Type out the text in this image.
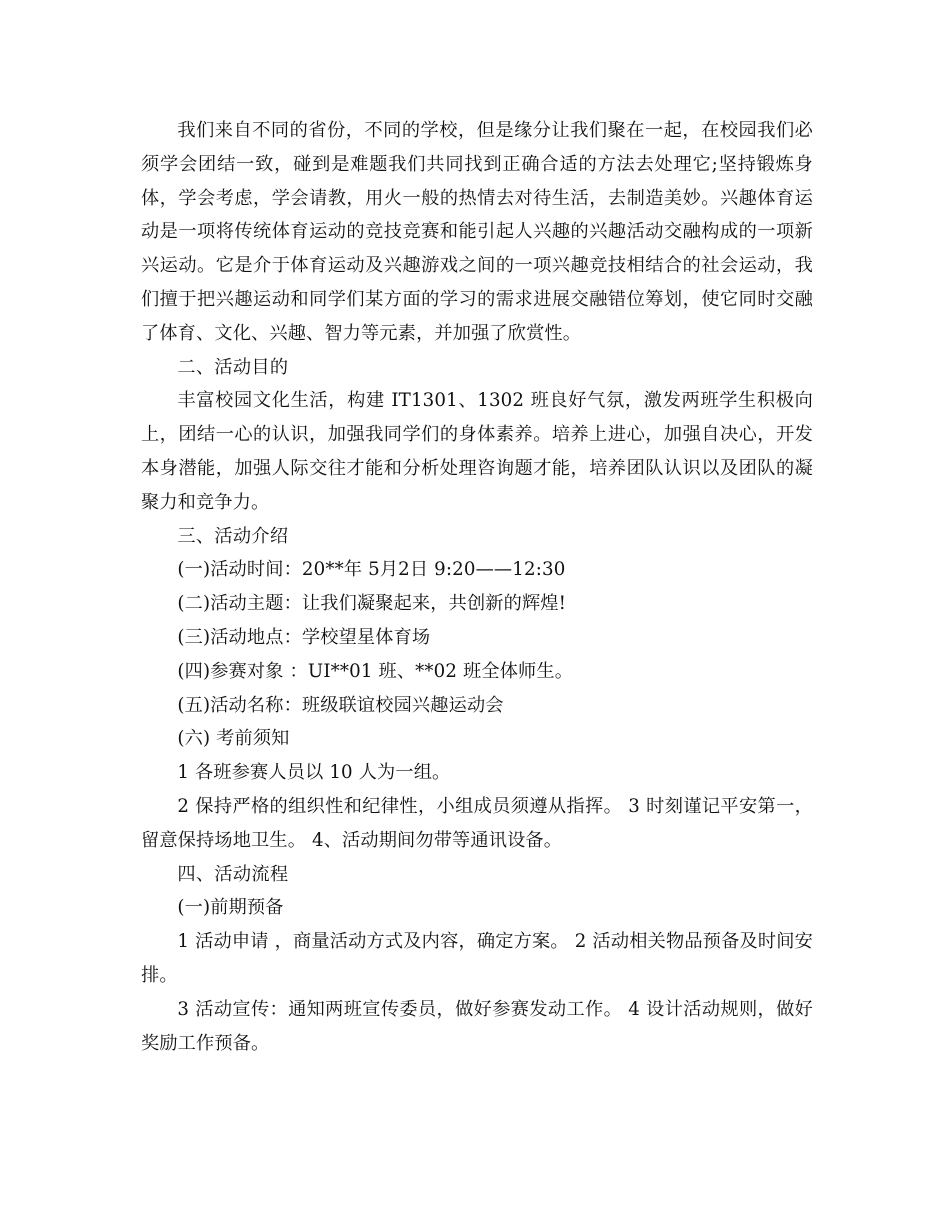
我们来自不同的省份，不同的学校，但是缘分让我们聚在一起，在校园我们必须学会团结一致，碰到是难题我们共同找到正确合适的方法去处理它;坚持锻炼身体，学会考虑，学会请教，用火一般的热情去对待生活，去制造美妙。兴趣体育运动是一项将传统体育运动的竞技竞赛和能引起人兴趣的兴趣活动交融构成的一项新兴运动。它是介于体育运动及兴趣游戏之间的一项兴趣竞技相结合的社会运动，我们擅于把兴趣运动和同学们某方面的学习的需求进展交融错位筹划，使它同时交融了体育、文化、兴趣、智力等元素，并加强了欣赏性。

二、活动目的

丰富校园文化生活，构建 IT1301、1302 班良好气氛，激发两班学生积极向上，团结一心的认识，加强我同学们的身体素养。培养上进心，加强自决心，开发本身潜能，加强人际交往才能和分析处理咨询题才能，培养团队认识以及团队的凝聚力和竞争力。

三、活动介绍

(一)活动时间：20**年 5月2日 9:20——12:30

(二)活动主题：让我们凝聚起来，共创新的辉煌!

(三)活动地点：学校望星体育场

(四)参赛对象 ：UI**01 班、**02 班全体师生。

(五)活动名称：班级联谊校园兴趣运动会

(六) 考前须知

1 各班参赛人员以 10 人为一组。

2 保持严格的组织性和纪律性，小组成员须遵从指挥。 3 时刻谨记平安第一，留意保持场地卫生。 4、活动期间勿带等通讯设备。

四、活动流程

(一)前期预备

1 活动申请 ，商量活动方式及内容，确定方案。 2 活动相关物品预备及时间安排。

3 活动宣传：通知两班宣传委员，做好参赛发动工作。 4 设计活动规则，做好奖励工作预备。
